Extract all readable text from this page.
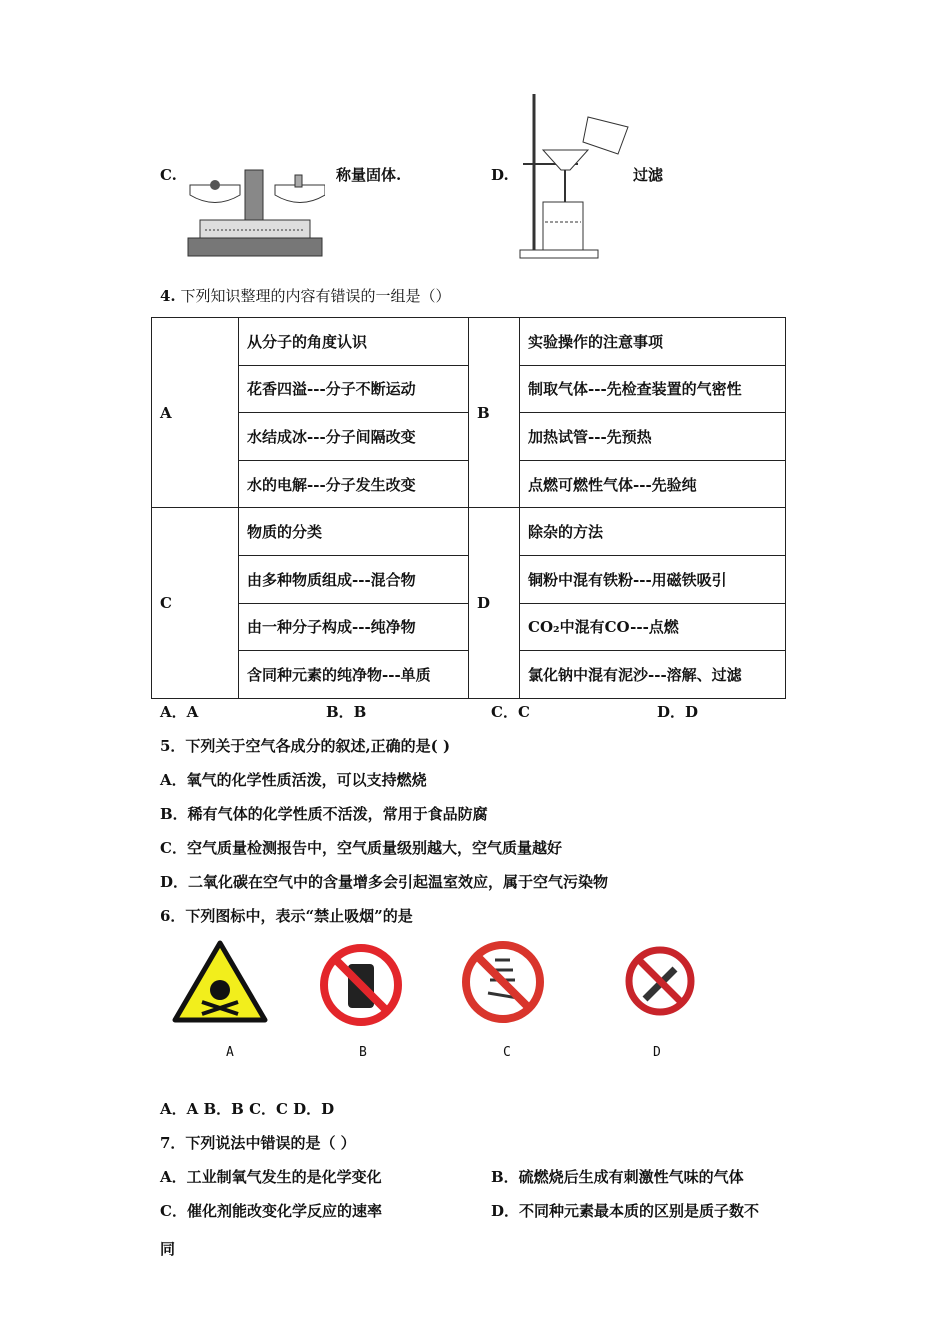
C.	称量固体.	D.	过滤
4. 下列知识整理的内容有错误的一组是（）
A	从分子的角度认识	B	实验操作的注意事项
	花香四溢---分子不断运动		制取气体---先检查装置的气密性
	水结成冰---分子间隔改变		加热试管---先预热
	水的电解---分子发生改变		点燃可燃性气体---先验纯
C	物质的分类	D	除杂的方法
	由多种物质组成---混合物		铜粉中混有铁粉---用磁铁吸引
	由一种分子构成---纯净物		CO₂中混有CO---点燃
	含同种元素的纯净物---单质		氯化钠中混有泥沙---溶解、过滤
A．A	B．B	C．C	D．D
5．下列关于空气各成分的叙述,正确的是( )
A．氧气的化学性质活泼，可以支持燃烧
B．稀有气体的化学性质不活泼，常用于食品防腐
C．空气质量检测报告中，空气质量级别越大，空气质量越好
D．二氧化碳在空气中的含量增多会引起温室效应，属于空气污染物
6．下列图标中，表示“禁止吸烟”的是
A	B	C	D
A．A B．B C．C D．D
7．下列说法中错误的是（ ）
A．工业制氧气发生的是化学变化	B．硫燃烧后生成有刺激性气味的气体
C．催化剂能改变化学反应的速率	D．不同种元素最本质的区别是质子数不
同
